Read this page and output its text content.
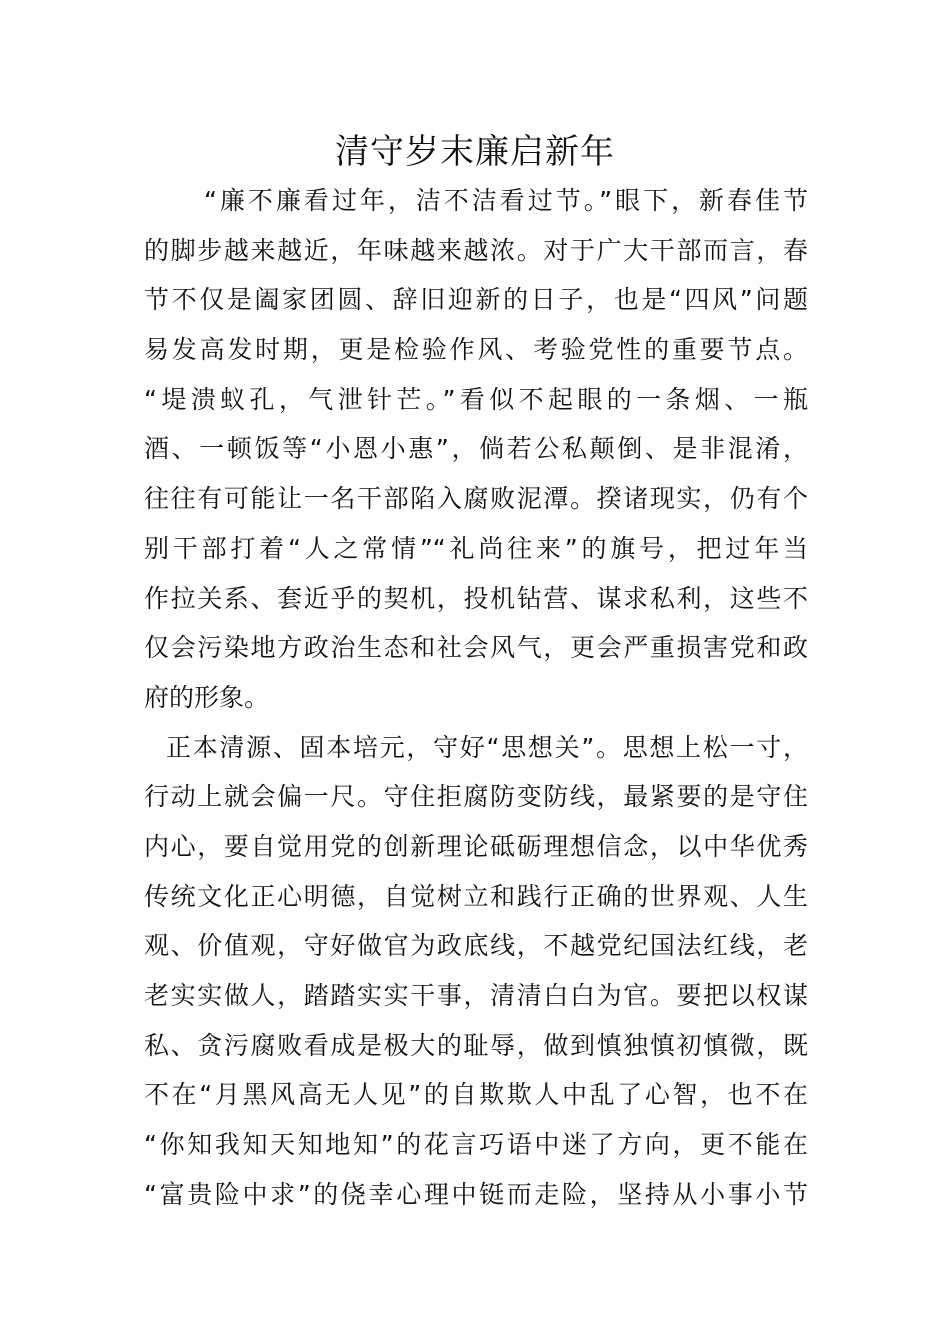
清守岁末廉启新年
“廉不廉看过年，洁不洁看过节。”眼下，新春佳节
的脚步越来越近，年味越来越浓。对于广大干部而言，春
节不仅是阖家团圆、辞旧迎新的日子，也是“四风”问题
易发高发时期，更是检验作风、考验党性的重要节点。
“堤溃蚁孔，气泄针芒。”看似不起眼的一条烟、一瓶
酒、一顿饭等“小恩小惠”，倘若公私颠倒、是非混淆，
往往有可能让一名干部陷入腐败泥潭。揆诸现实，仍有个
别干部打着“人之常情”“礼尚往来”的旗号，把过年当
作拉关系、套近乎的契机，投机钻营、谋求私利，这些不
仅会污染地方政治生态和社会风气，更会严重损害党和政
府的形象。
正本清源、固本培元，守好“思想关”。思想上松一寸，
行动上就会偏一尺。守住拒腐防变防线，最紧要的是守住
内心，要自觉用党的创新理论砥砺理想信念，以中华优秀
传统文化正心明德，自觉树立和践行正确的世界观、人生
观、价值观，守好做官为政底线，不越党纪国法红线，老
老实实做人，踏踏实实干事，清清白白为官。要把以权谋
私、贪污腐败看成是极大的耻辱，做到慎独慎初慎微，既
不在“月黑风高无人见”的自欺欺人中乱了心智，也不在
“你知我知天知地知”的花言巧语中迷了方向，更不能在
“富贵险中求”的侥幸心理中铤而走险，坚持从小事小节
